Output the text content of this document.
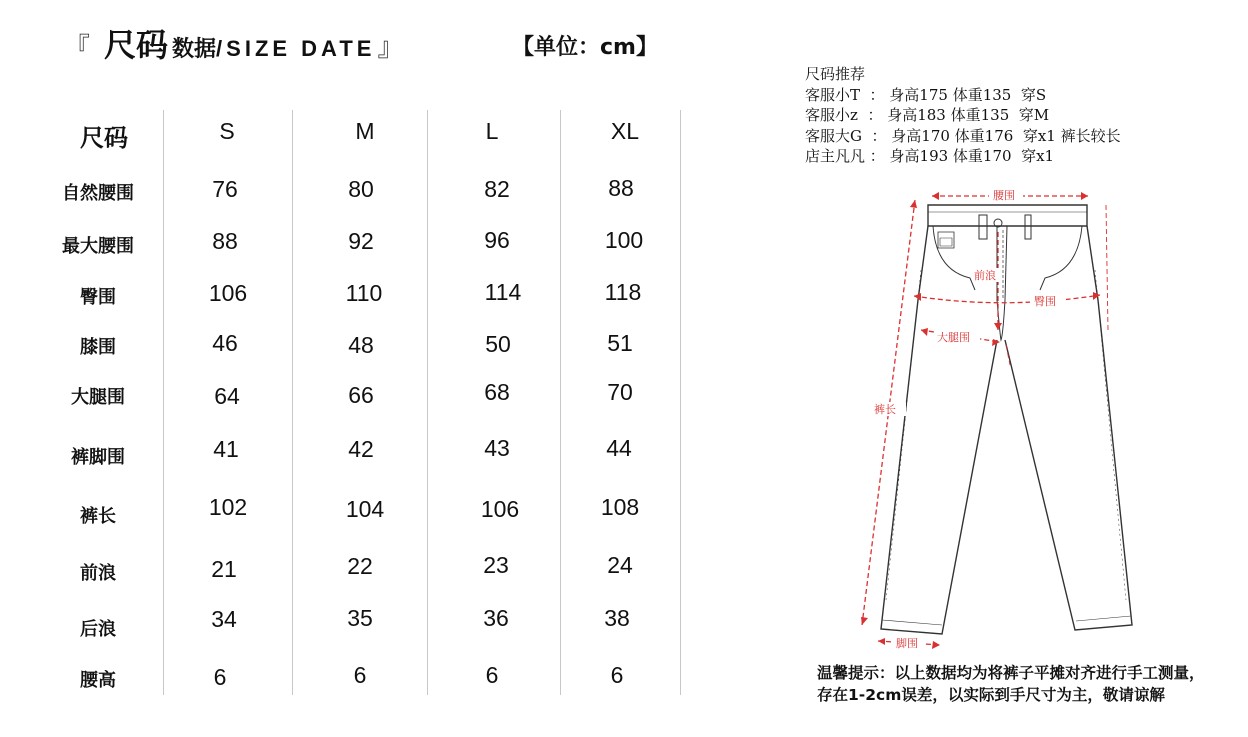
『 尺码 数据 /SIZE DATE 』	【单位：cm】
尺码	S	M	L	XL
自然腰围	76	80	82	88
最大腰围	88	92	96	100
臀围	106	110	114	118
膝围	46	48	50	51
大腿围	64	66	68	70
裤脚围	41	42	43	44
裤长	102	104	106	108
前浪	21	22	23	24
后浪	34	35	36	38
腰高	6	6	6	6
尺码推荐
客服小T  ： 身高175 体重135  穿S
客服小z  ： 身高183 体重135  穿M
客服大G  ： 身高170 体重176  穿x1 裤长较长
店主凡凡 ： 身高193 体重170  穿x1
腰围
前浪
臀围
大腿围
裤长
脚围
温馨提示：以上数据均为将裤子平摊对齐进行手工测量，存在1-2cm误差，以实际到手尺寸为主，敬请谅解
